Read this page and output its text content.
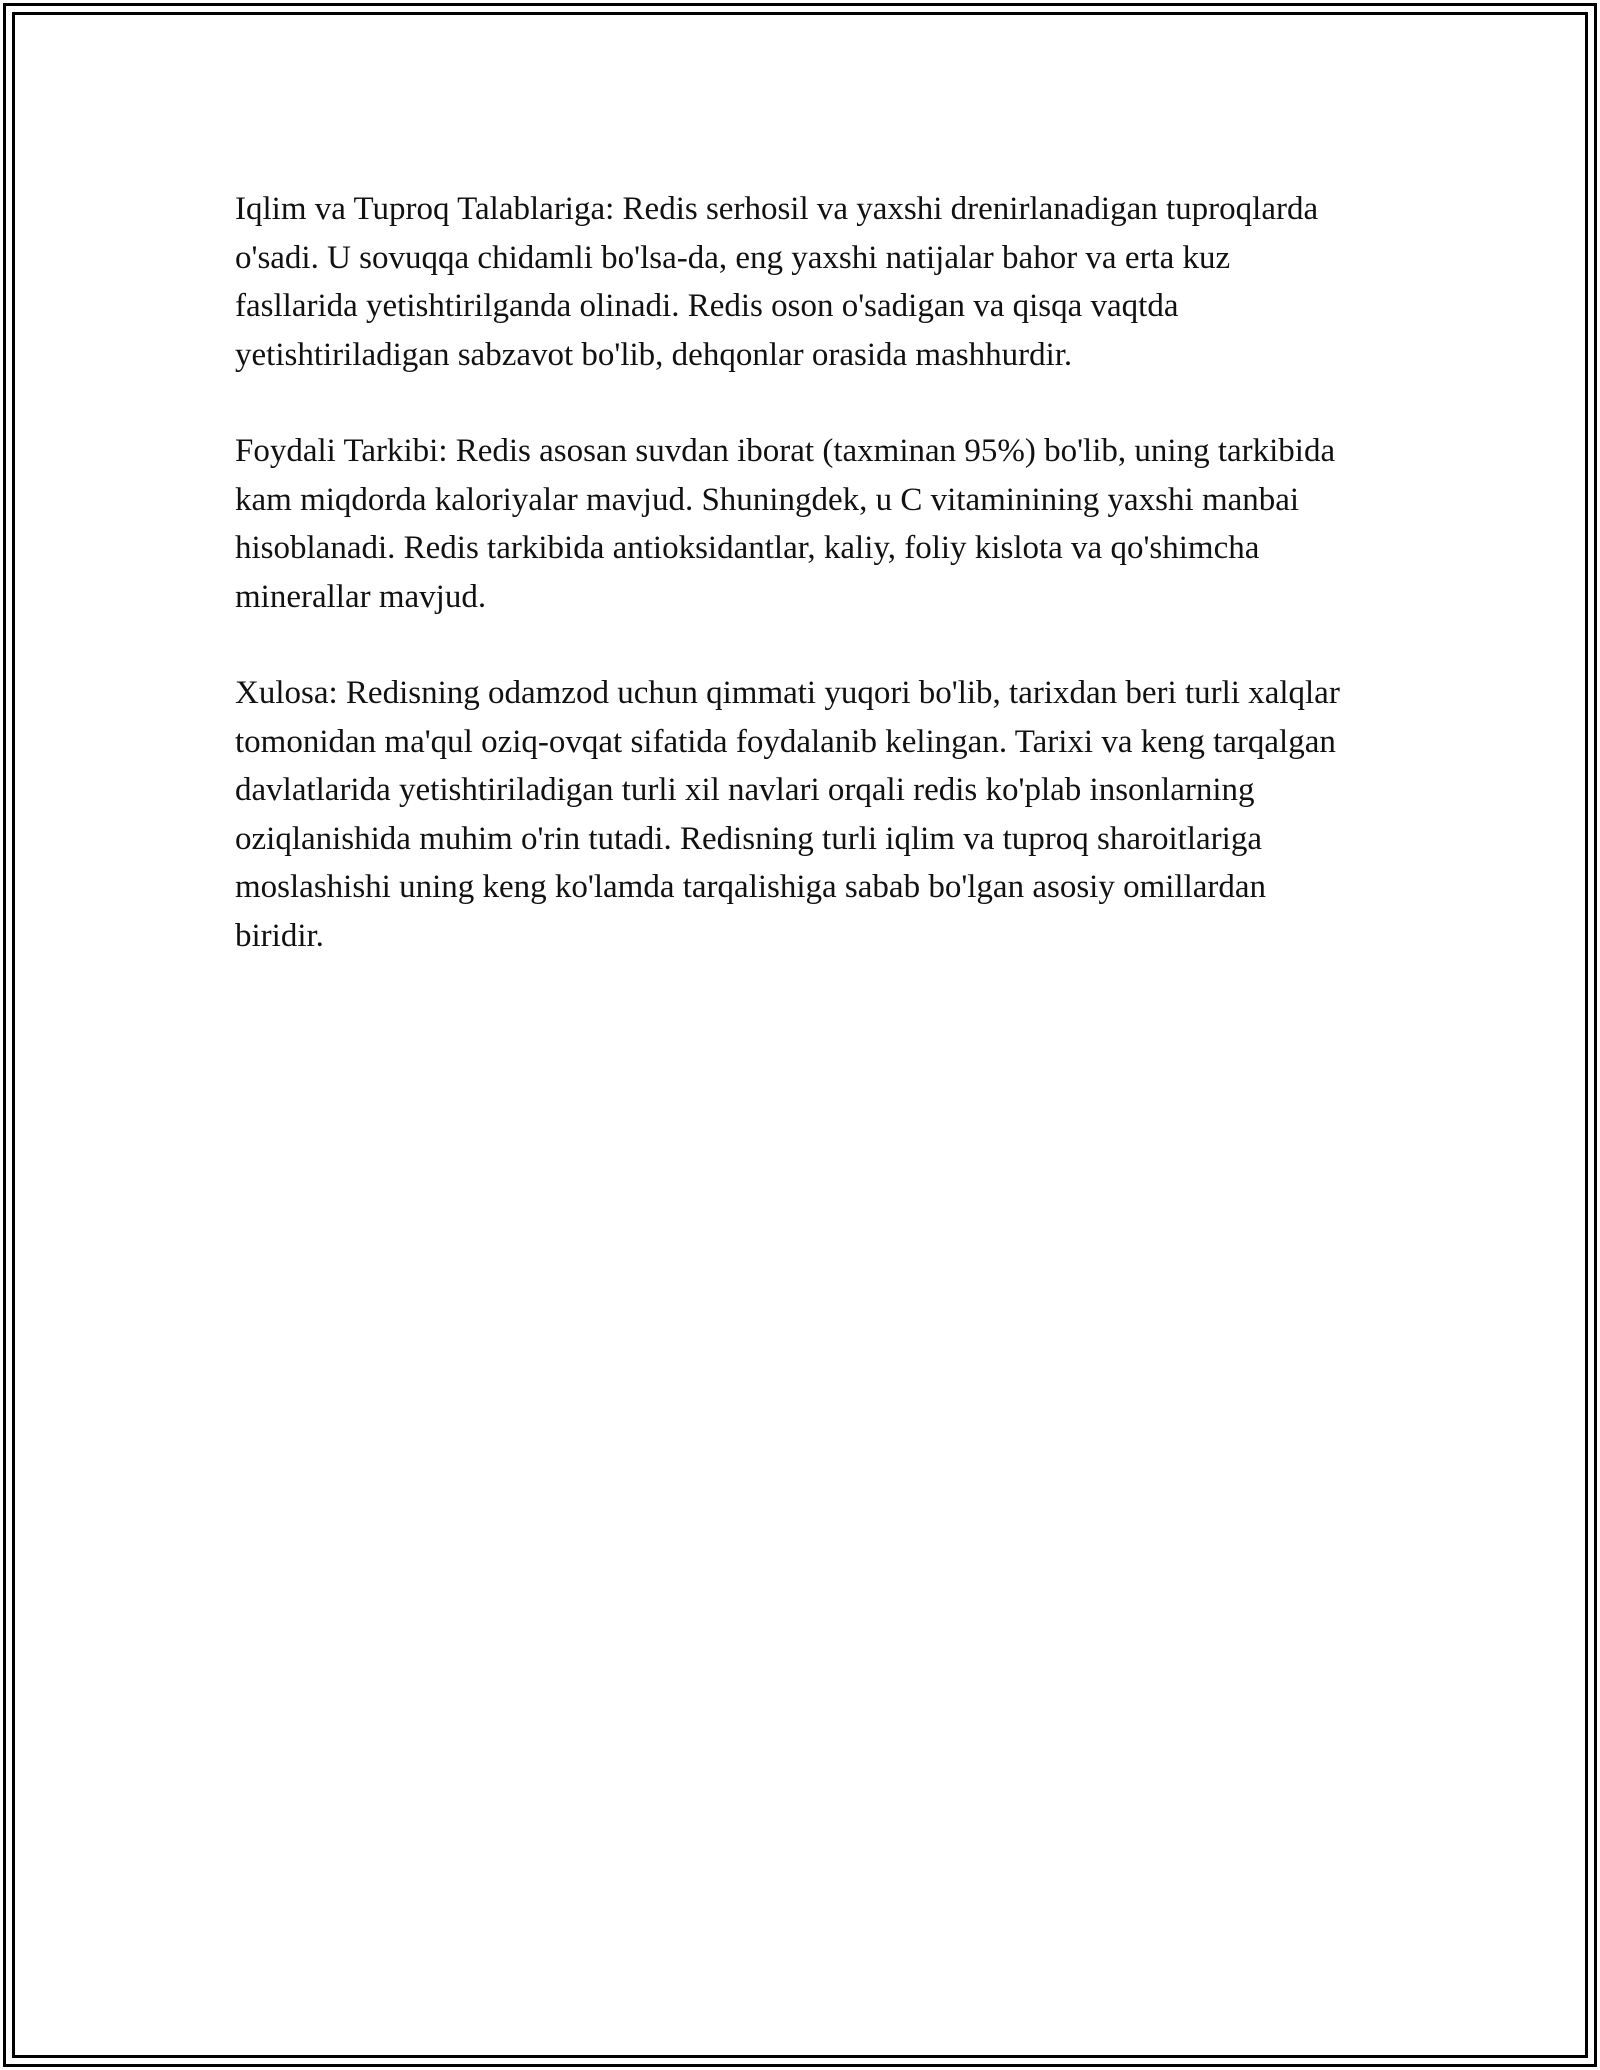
Iqlim va Tuproq Talablariga: Redis serhosil va yaxshi drenirlanadigan tuproqlarda o'sadi. U sovuqqa chidamli bo'lsa-da, eng yaxshi natijalar bahor va erta kuz fasllarida yetishtirilganda olinadi. Redis oson o'sadigan va qisqa vaqtda yetishtiriladigan sabzavot bo'lib, dehqonlar orasida mashhurdir.

Foydali Tarkibi: Redis asosan suvdan iborat (taxminan 95%) bo'lib, uning tarkibida kam miqdorda kaloriyalar mavjud. Shuningdek, u C vitaminining yaxshi manbai hisoblanadi. Redis tarkibida antioksidantlar, kaliy, foliy kislota va qo'shimcha minerallar mavjud.

Xulosa: Redisning odamzod uchun qimmati yuqori bo'lib, tarixdan beri turli xalqlar tomonidan ma'qul oziq-ovqat sifatida foydalanib kelingan. Tarixi va keng tarqalgan davlatlarida yetishtiriladigan turli xil navlari orqali redis ko'plab insonlarning oziqlanishida muhim o'rin tutadi. Redisning turli iqlim va tuproq sharoitlariga moslashishi uning keng ko'lamda tarqalishiga sabab bo'lgan asosiy omillardan biridir.
